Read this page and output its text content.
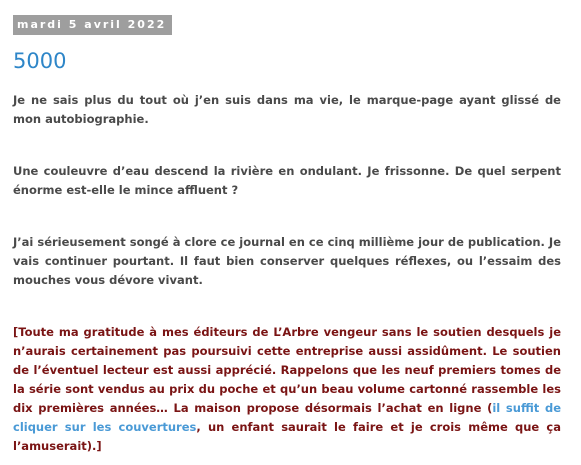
mardi 5 avril 2022
5000

Je ne sais plus du tout où j’en suis dans ma vie, le marque-page ayant glissé de mon autobiographie.

Une couleuvre d’eau descend la rivière en ondulant. Je frissonne. De quel serpent énorme est-elle le mince affluent ?

J’ai sérieusement songé à clore ce journal en ce cinq millième jour de publication. Je vais continuer pourtant. Il faut bien conserver quelques réflexes, ou l’essaim des mouches vous dévore vivant.

[Toute ma gratitude à mes éditeurs de L’Arbre vengeur sans le soutien desquels je n’aurais certainement pas poursuivi cette entreprise aussi assidûment. Le soutien de l’éventuel lecteur est aussi apprécié. Rappelons que les neuf premiers tomes de la série sont vendus au prix du poche et qu’un beau volume cartonné rassemble les dix premières années… La maison propose désormais l’achat en ligne (il suffit de cliquer sur les couvertures, un enfant saurait le faire et je crois même que ça l’amuserait).]
